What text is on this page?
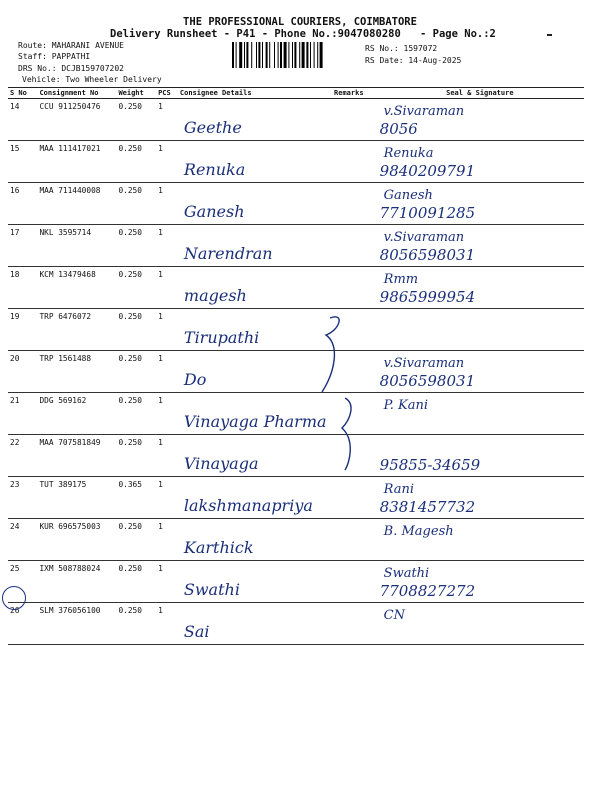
THE PROFESSIONAL COURIERS, COIMBATORE
Delivery Runsheet - P41 - Phone No.:9047080280 - Page No.:2
Route: MAHARANI AVENUE
Staff: PAPPATHI
DRS No.: DCJB159707202
Vehicle: Two Wheeler Delivery
RS No.: 1597072
RS Date: 14-Aug-2025
S No	Consignment No	Weight	PCS	Consignee Details	Remarks	Seal & Signature
14	CCU 911250476	0.250	1	Geethe		v.Sivaraman
8056

15	MAA 111417021	0.250	1	Renuka		Renuka
9840209791

16	MAA 711440008	0.250	1	Ganesh		Ganesh
7710091285

17	NKL 3595714	0.250	1	Narendran		v.Sivaraman
8056598031

18	KCM 13479468	0.250	1	magesh		Rmm
9865999954

19	TRP 6476072	0.250	1	Tirupathi		

20	TRP 1561488	0.250	1	Do		v.Sivaraman
8056598031

21	DDG 569162	0.250	1	Vinayaga Pharma		P. Kani

22	MAA 707581849	0.250	1	Vinayaga		95855-34659

23	TUT 389175	0.365	1	lakshmanapriya		Rani
8381457732

24	KUR 696575003	0.250	1	Karthick		B. Magesh

25	IXM 508788024	0.250	1	Swathi		Swathi
7708827272

26	SLM 376056100	0.250	1	Sai		CN
